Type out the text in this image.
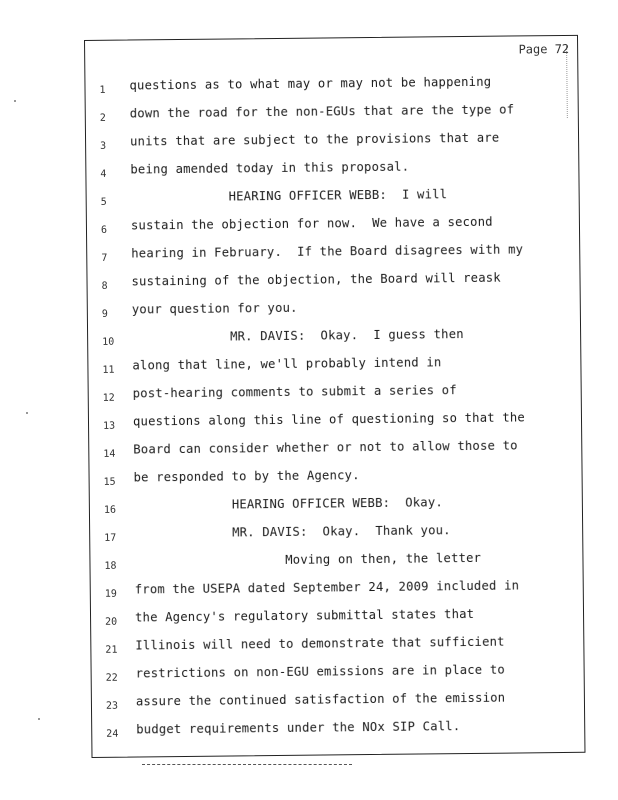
Page 72
1 questions as to what may or may not be happening
2 down the road for the non-EGUs that are the type of
3 units that are subject to the provisions that are
4 being amended today in this proposal.
5 HEARING OFFICER WEBB:  I will
6 sustain the objection for now.  We have a second
7 hearing in February.  If the Board disagrees with my
8 sustaining of the objection, the Board will reask
9 your question for you.
10 MR. DAVIS:  Okay.  I guess then
11 along that line, we'll probably intend in
12 post-hearing comments to submit a series of
13 questions along this line of questioning so that the
14 Board can consider whether or not to allow those to
15 be responded to by the Agency.
16 HEARING OFFICER WEBB:  Okay.
17 MR. DAVIS:  Okay.  Thank you.
18 Moving on then, the letter
19 from the USEPA dated September 24, 2009 included in
20 the Agency's regulatory submittal states that
21 Illinois will need to demonstrate that sufficient
22 restrictions on non-EGU emissions are in place to
23 assure the continued satisfaction of the emission
24 budget requirements under the NOx SIP Call.
